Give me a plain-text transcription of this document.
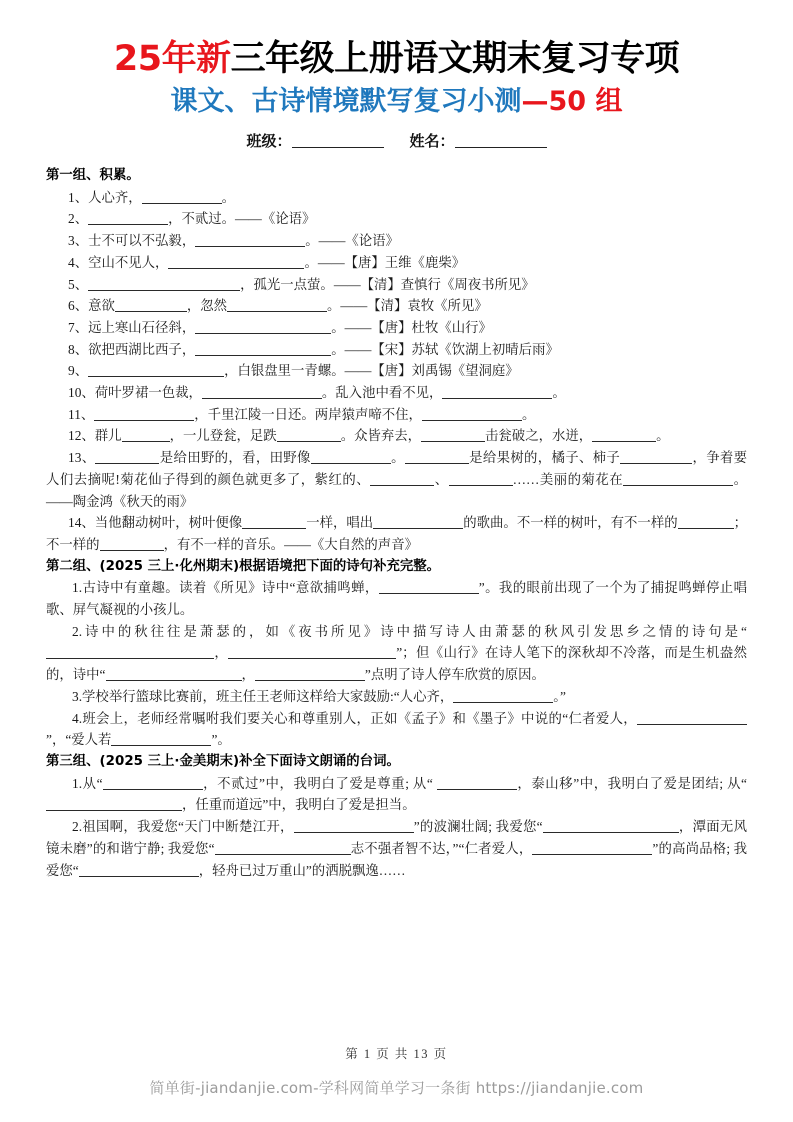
25年新三年级上册语文期末复习专项
课文、古诗情境默写复习小测—50 组
班级：	姓名：

第一组、积累。

1、人心齐，	。

2、	，不贰过。——《论语》

3、士不可以不弘毅，	。——《论语》

4、空山不见人，	。——【唐】王维《鹿柴》

5、	，孤光一点萤。——【清】查慎行《周夜书所见》

6、意欲	，忽然	。——【清】袁牧《所见》

7、远上寒山石径斜，	。——【唐】杜牧《山行》

8、欲把西湖比西子，	。——【宋】苏轼《饮湖上初晴后雨》

9、	，白银盘里一青螺。——【唐】刘禹锡《望洞庭》

10、荷叶罗裙一色裁，	。乱入池中看不见，	。

11、	，千里江陵一日还。两岸猿声啼不住，	。

12、群儿	，一儿登瓮，足跌	。众皆弃去，	击瓮破之，水迸，	。

13、	是给田野的，看，田野像	。	是给果树的，橘子、柿子	，争着要人们去摘呢!菊花仙子得到的颜色就更多了，紫红的、	、	……美丽的菊花在	。——陶金鸿《秋天的雨》

14、当他翻动树叶，树叶便像	一样，唱出	的歌曲。不一样的树叶，有不一样的	；不一样的	，有不一样的音乐。——《大自然的声音》

第二组、(2025 三上·化州期末)根据语境把下面的诗句补充完整。

1.古诗中有童趣。读着《所见》诗中“意欲捕鸣蝉，	”。我的眼前出现了一个为了捕捉鸣蝉停止唱歌、屏气凝视的小孩儿。

2.诗中的秋往往是萧瑟的，如《夜书所见》诗中描写诗人由萧瑟的秋风引发思乡之情的诗句是“，	”；但《山行》在诗人笔下的深秋却不冷落，而是生机盎然的，诗中“	，	”点明了诗人停车欣赏的原因。

3.学校举行篮球比赛前，班主任王老师这样给大家鼓励:“人心齐，	。”

4.班会上，老师经常嘱咐我们要关心和尊重别人，正如《孟子》和《墨子》中说的“仁者爱人，”，“爱人若	”。

第三组、(2025 三上·金美期末)补全下面诗文朗诵的台词。

1.从“	，不贰过”中，我明白了爱是尊重; 从“	，泰山移”中，我明白了爱是团结; 从“，任重而道远”中，我明白了爱是担当。

2.祖国啊，我爱您“天门中断楚江开，	”的波澜壮阔; 我爱您“	，潭面无风镜未磨”的和谐宁静; 我爱您“	志不强者智不达，”“仁者爱人，	”的高尚品格; 我爱您“	，轻舟已过万重山”的洒脱飘逸……

第 1 页 共 13 页
简单街-jiandanjie.com-学科网简单学习一条街 https://jiandanjie.com
